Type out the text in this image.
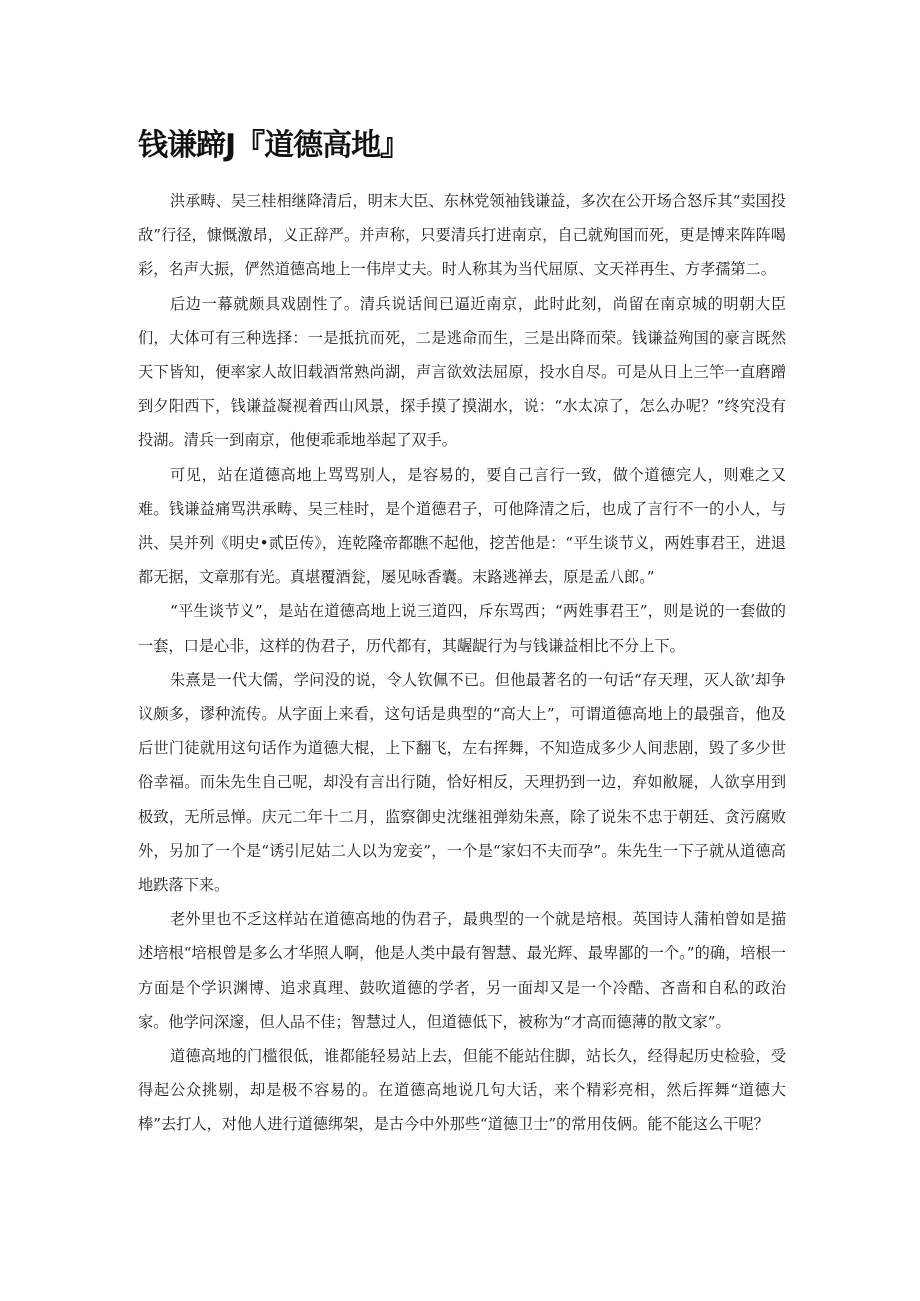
钱谦蹄J『道德高地』

洪承畴、吴三桂相继降清后，明末大臣、东林党领袖钱谦益，多次在公开场合怒斥其“卖国投敌”行径，慷慨激昂，义正辞严。并声称，只要清兵打进南京，自己就殉国而死，更是博来阵阵喝彩，名声大振，俨然道德高地上一伟岸丈夫。时人称其为当代屈原、文天祥再生、方孝孺第二。

后边一幕就颇具戏剧性了。清兵说话间已逼近南京，此时此刻，尚留在南京城的明朝大臣们，大体可有三种选择：一是抵抗而死，二是逃命而生，三是出降而荣。钱谦益殉国的豪言既然天下皆知，便率家人故旧载酒常熟尚湖，声言欲效法屈原，投水自尽。可是从日上三竿一直磨蹭到夕阳西下，钱谦益凝视着西山风景，探手摸了摸湖水，说：“水太凉了，怎么办呢？”终究没有投湖。清兵一到南京，他便乖乖地举起了双手。

可见，站在道德高地上骂骂别人，是容易的，要自己言行一致，做个道德完人，则难之又难。钱谦益痛骂洪承畴、吴三桂时，是个道德君子，可他降清之后，也成了言行不一的小人，与洪、吴并列《明史•贰臣传》，连乾隆帝都瞧不起他，挖苦他是：“平生谈节义，两姓事君王，进退都无据，文章那有光。真堪覆酒瓮，屡见咏香囊。末路逃禅去，原是孟八郎。”

“平生谈节义”，是站在道德高地上说三道四，斥东骂西；“两姓事君王”，则是说的一套做的一套，口是心非，这样的伪君子，历代都有，其龌龊行为与钱谦益相比不分上下。

朱熹是一代大儒，学问没的说，令人钦佩不已。但他最著名的一句话“存天理，灭人欲’却争议颇多，谬种流传。从字面上来看，这句话是典型的“高大上”，可谓道德高地上的最强音，他及后世门徒就用这句话作为道德大棍，上下翻飞，左右挥舞，不知造成多少人间悲剧，毁了多少世俗幸福。而朱先生自己呢，却没有言出行随，恰好相反，天理扔到一边，弃如敝屣，人欲享用到极致，无所忌惮。庆元二年十二月，监察御史沈继祖弹劾朱熹，除了说朱不忠于朝廷、贪污腐败外，另加了一个是“诱引尼姑二人以为宠妾”，一个是“家妇不夫而孕”。朱先生一下子就从道德高地跌落下来。

老外里也不乏这样站在道德高地的伪君子，最典型的一个就是培根。英国诗人蒲柏曾如是描述培根“培根曾是多么才华照人啊，他是人类中最有智慧、最光辉、最卑鄙的一个。”的确，培根一方面是个学识渊博、追求真理、鼓吹道德的学者，另一面却又是一个冷酷、吝啬和自私的政治家。他学问深邃，但人品不佳；智慧过人，但道德低下，被称为“才高而德薄的散文家”。

道德高地的门槛很低，谁都能轻易站上去，但能不能站住脚，站长久，经得起历史检验，受得起公众挑剔，却是极不容易的。在道德高地说几句大话，来个精彩亮相，然后挥舞“道德大棒”去打人，对他人进行道德绑架，是古今中外那些“道德卫士”的常用伎俩。能不能这么干呢？
